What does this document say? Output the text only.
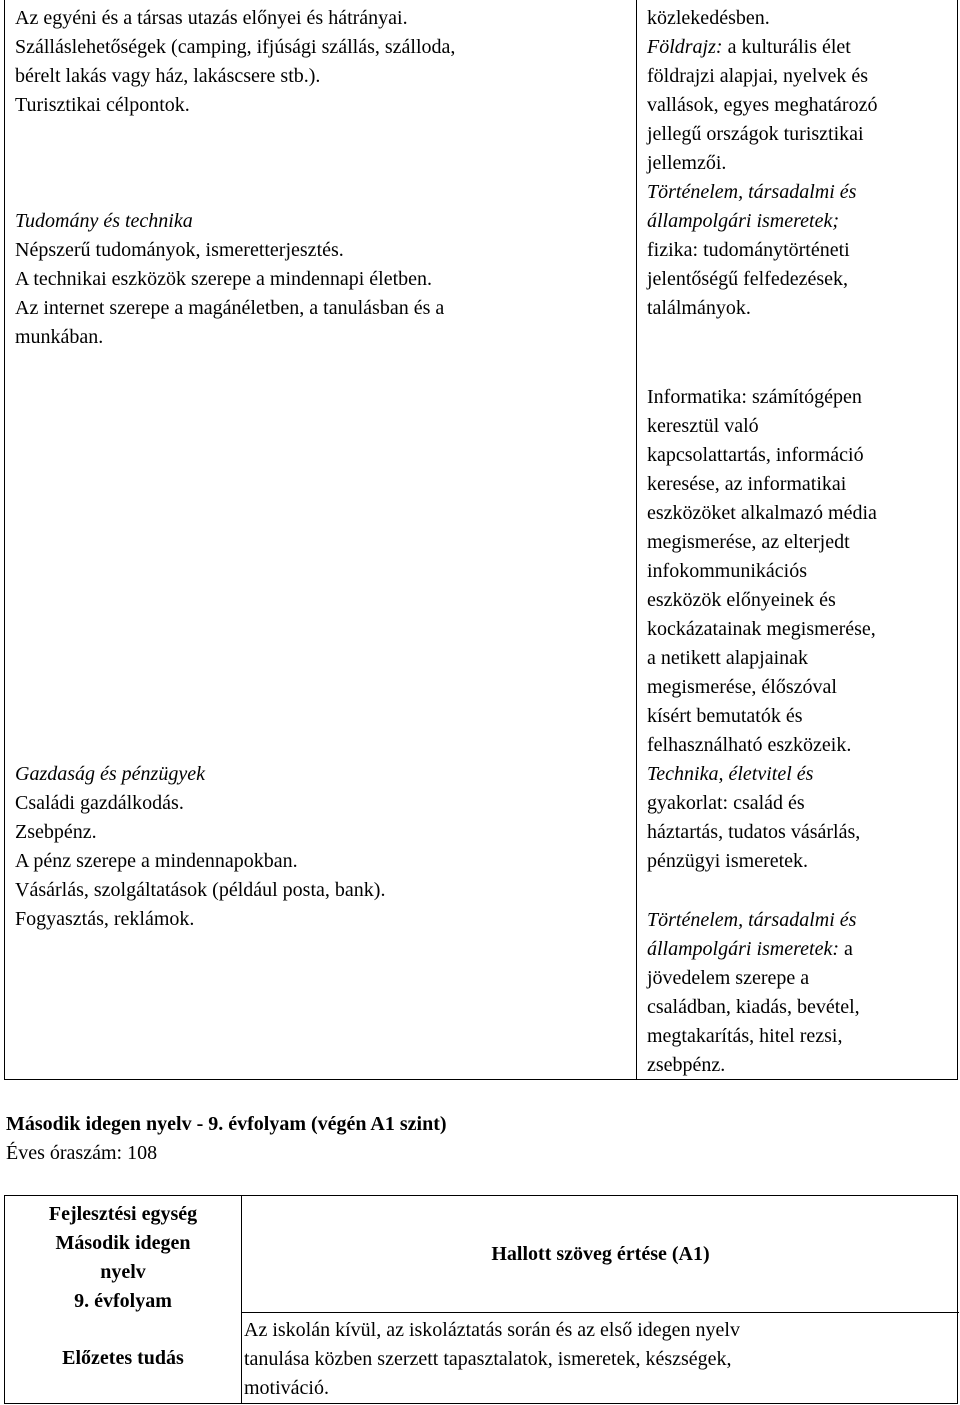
Az egyéni és a társas utazás előnyei és hátrányai.

Szálláslehetőségek (camping, ifjúsági szállás, szálloda,

bérelt lakás vagy ház, lakáscsere stb.).

Turisztikai célpontok.

Tudomány és technika

Népszerű tudományok, ismeretterjesztés.

A technikai eszközök szerepe a mindennapi életben.

Az internet szerepe a magánéletben, a tanulásban és a

munkában.

Gazdaság és pénzügyek

Családi gazdálkodás.

Zsebpénz.

A pénz szerepe a mindennapokban.

Vásárlás, szolgáltatások (például posta, bank).

Fogyasztás, reklámok.

közlekedésben.

Földrajz: a kulturális élet

földrajzi alapjai, nyelvek és

vallások, egyes meghatározó

jellegű országok turisztikai

jellemzői.

Történelem, társadalmi és

állampolgári ismeretek;

fizika: tudománytörténeti

jelentőségű felfedezések,

találmányok.

Informatika: számítógépen

keresztül való

kapcsolattartás, információ

keresése, az informatikai

eszközöket alkalmazó média

megismerése, az elterjedt

infokommunikációs

eszközök előnyeinek és

kockázatainak megismerése,

a netikett alapjainak

megismerése, élőszóval

kísért bemutatók és

felhasználható eszközeik.

Technika, életvitel és

gyakorlat: család és

háztartás, tudatos vásárlás,

pénzügyi ismeretek.

Történelem, társadalmi és

állampolgári ismeretek: a

jövedelem szerepe a

családban, kiadás, bevétel,

megtakarítás, hitel rezsi,

zsebpénz.

Második idegen nyelv - 9. évfolyam (végén A1 szint)

Éves óraszám: 108

Fejlesztési egység

Második idegen

nyelv

9. évfolyam

Előzetes tudás

Hallott szöveg értése (A1)

Az iskolán kívül, az iskoláztatás során és az első idegen nyelv

tanulása közben szerzett tapasztalatok, ismeretek, készségek,

motiváció.
